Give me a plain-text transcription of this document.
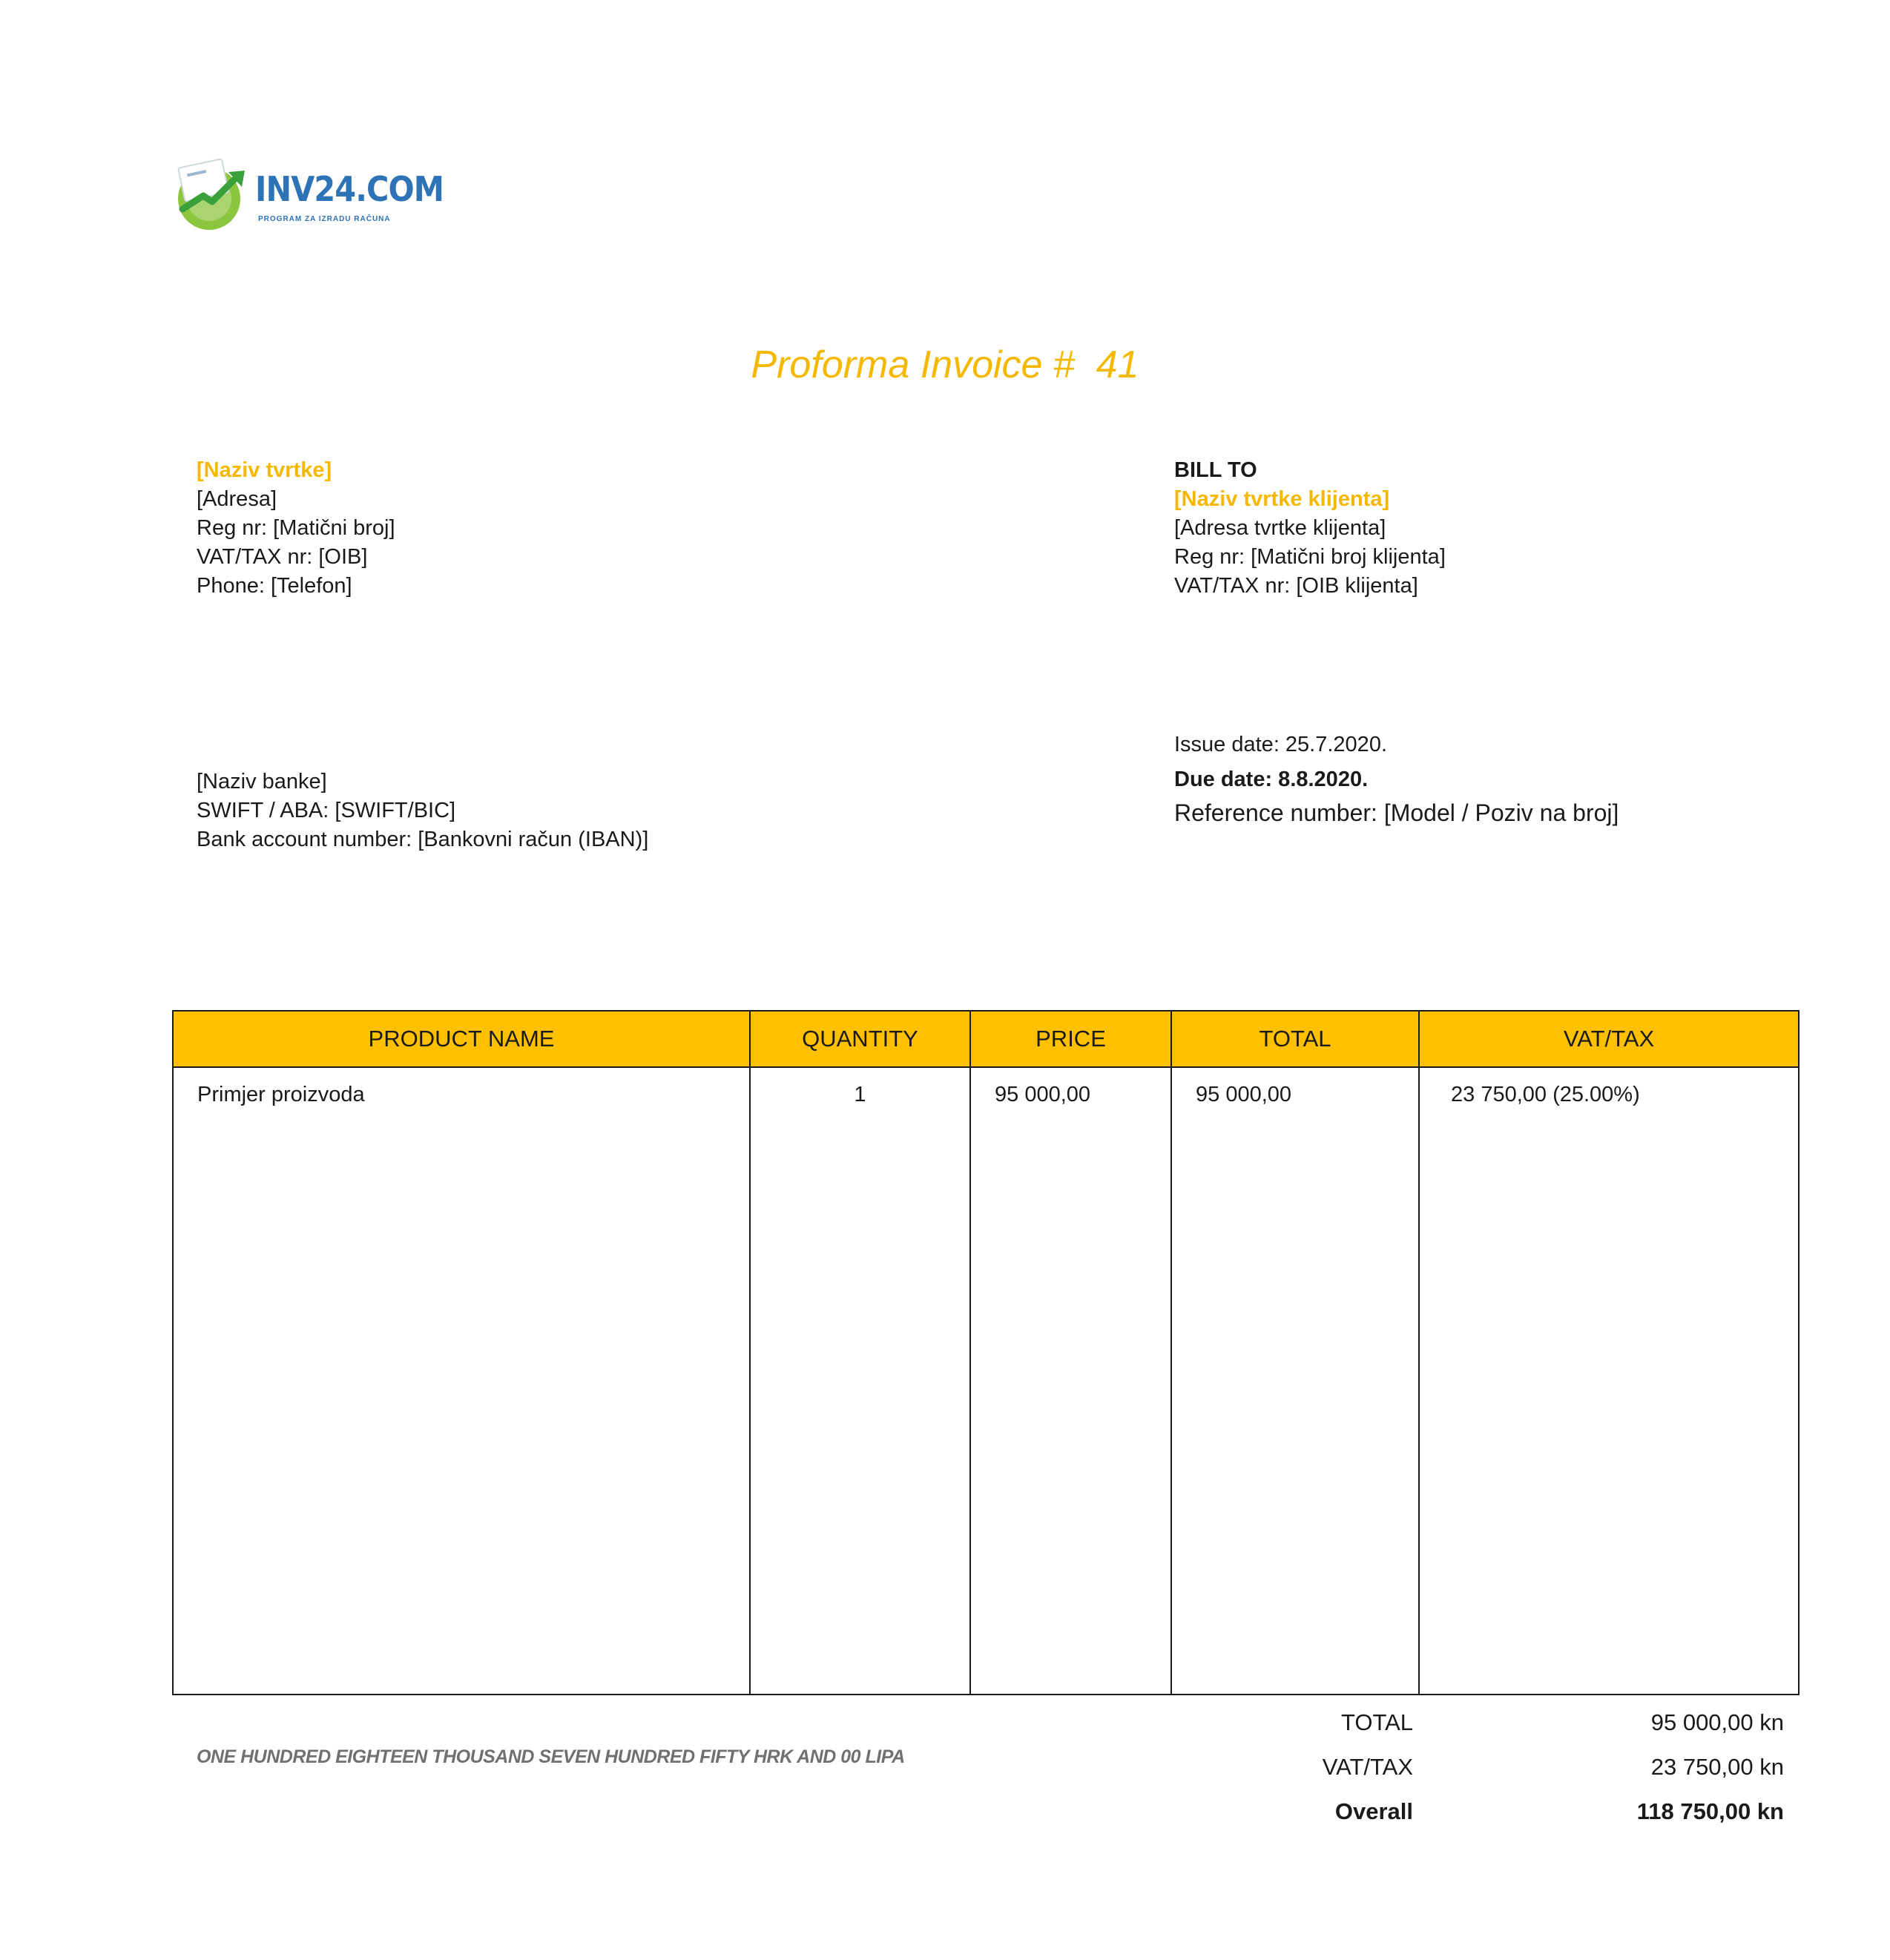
INV24.COM
PROGRAM ZA IZRADU RAČUNA
Proforma Invoice #  41
[Naziv tvrtke]
[Adresa]
Reg nr: [Matični broj]
VAT/TAX nr: [OIB]
Phone: [Telefon]
BILL TO
[Naziv tvrtke klijenta]
[Adresa tvrtke klijenta]
Reg nr: [Matični broj klijenta]
VAT/TAX nr: [OIB klijenta]
[Naziv banke]
SWIFT / ABA: [SWIFT/BIC]
Bank account number: [Bankovni račun (IBAN)]
Issue date: 25.7.2020.
Due date: 8.8.2020.
Reference number: [Model / Poziv na broj]
PRODUCT NAME	QUANTITY	PRICE	TOTAL	VAT/TAX
Primjer proizvoda	1	95 000,00	95 000,00	23 750,00 (25.00%)

ONE HUNDRED EIGHTEEN THOUSAND SEVEN HUNDRED FIFTY HRK AND 00 LIPA
TOTAL	95 000,00 kn
VAT/TAX	23 750,00 kn
Overall	118 750,00 kn
